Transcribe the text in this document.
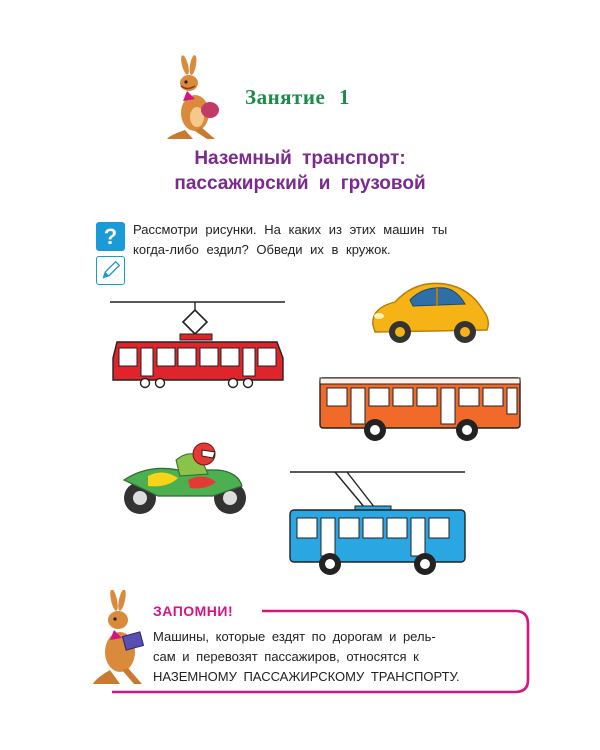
Занятие 1
Наземный транспорт:
пассажирский и грузовой
?	Рассмотри рисунки. На каких из этих машин ты
когда-либо ездил? Обведи их в кружок.
ЗАПОМНИ!
Машины, которые ездят по дорогам и рель-
сам и перевозят пассажиров, относятся к
НАЗЕМНОМУ ПАССАЖИРСКОМУ ТРАНСПОРТУ.
